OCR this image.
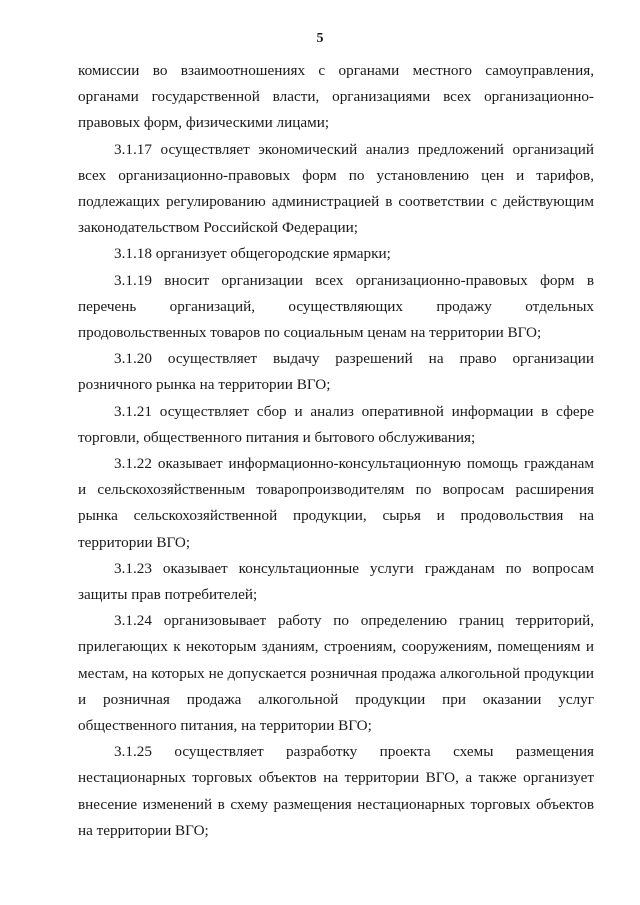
5

комиссии во взаимоотношениях с органами местного самоуправления, органами государственной власти, организациями всех организационно-правовых форм, физическими лицами;

3.1.17 осуществляет экономический анализ предложений организаций всех организационно-правовых форм по установлению цен и тарифов, подлежащих регулированию администрацией в соответствии с действующим законодательством Российской Федерации;

3.1.18 организует общегородские ярмарки;

3.1.19 вносит организации всех организационно-правовых форм в перечень организаций, осуществляющих продажу отдельных продовольственных товаров по социальным ценам на территории ВГО;

3.1.20 осуществляет выдачу разрешений на право организации розничного рынка на территории ВГО;

3.1.21 осуществляет сбор и анализ оперативной информации в сфере торговли, общественного питания и бытового обслуживания;

3.1.22 оказывает информационно-консультационную помощь гражданам и сельскохозяйственным товаропроизводителям по вопросам расширения рынка сельскохозяйственной продукции, сырья и продовольствия на территории ВГО;

3.1.23 оказывает консультационные услуги гражданам по вопросам защиты прав потребителей;

3.1.24 организовывает работу по определению границ территорий, прилегающих к некоторым зданиям, строениям, сооружениям, помещениям и местам, на которых не допускается розничная продажа алкогольной продукции и розничная продажа алкогольной продукции при оказании услуг общественного питания, на территории ВГО;

3.1.25 осуществляет разработку проекта схемы размещения нестационарных торговых объектов на территории ВГО, а также организует внесение изменений в схему размещения нестационарных торговых объектов на территории ВГО;
